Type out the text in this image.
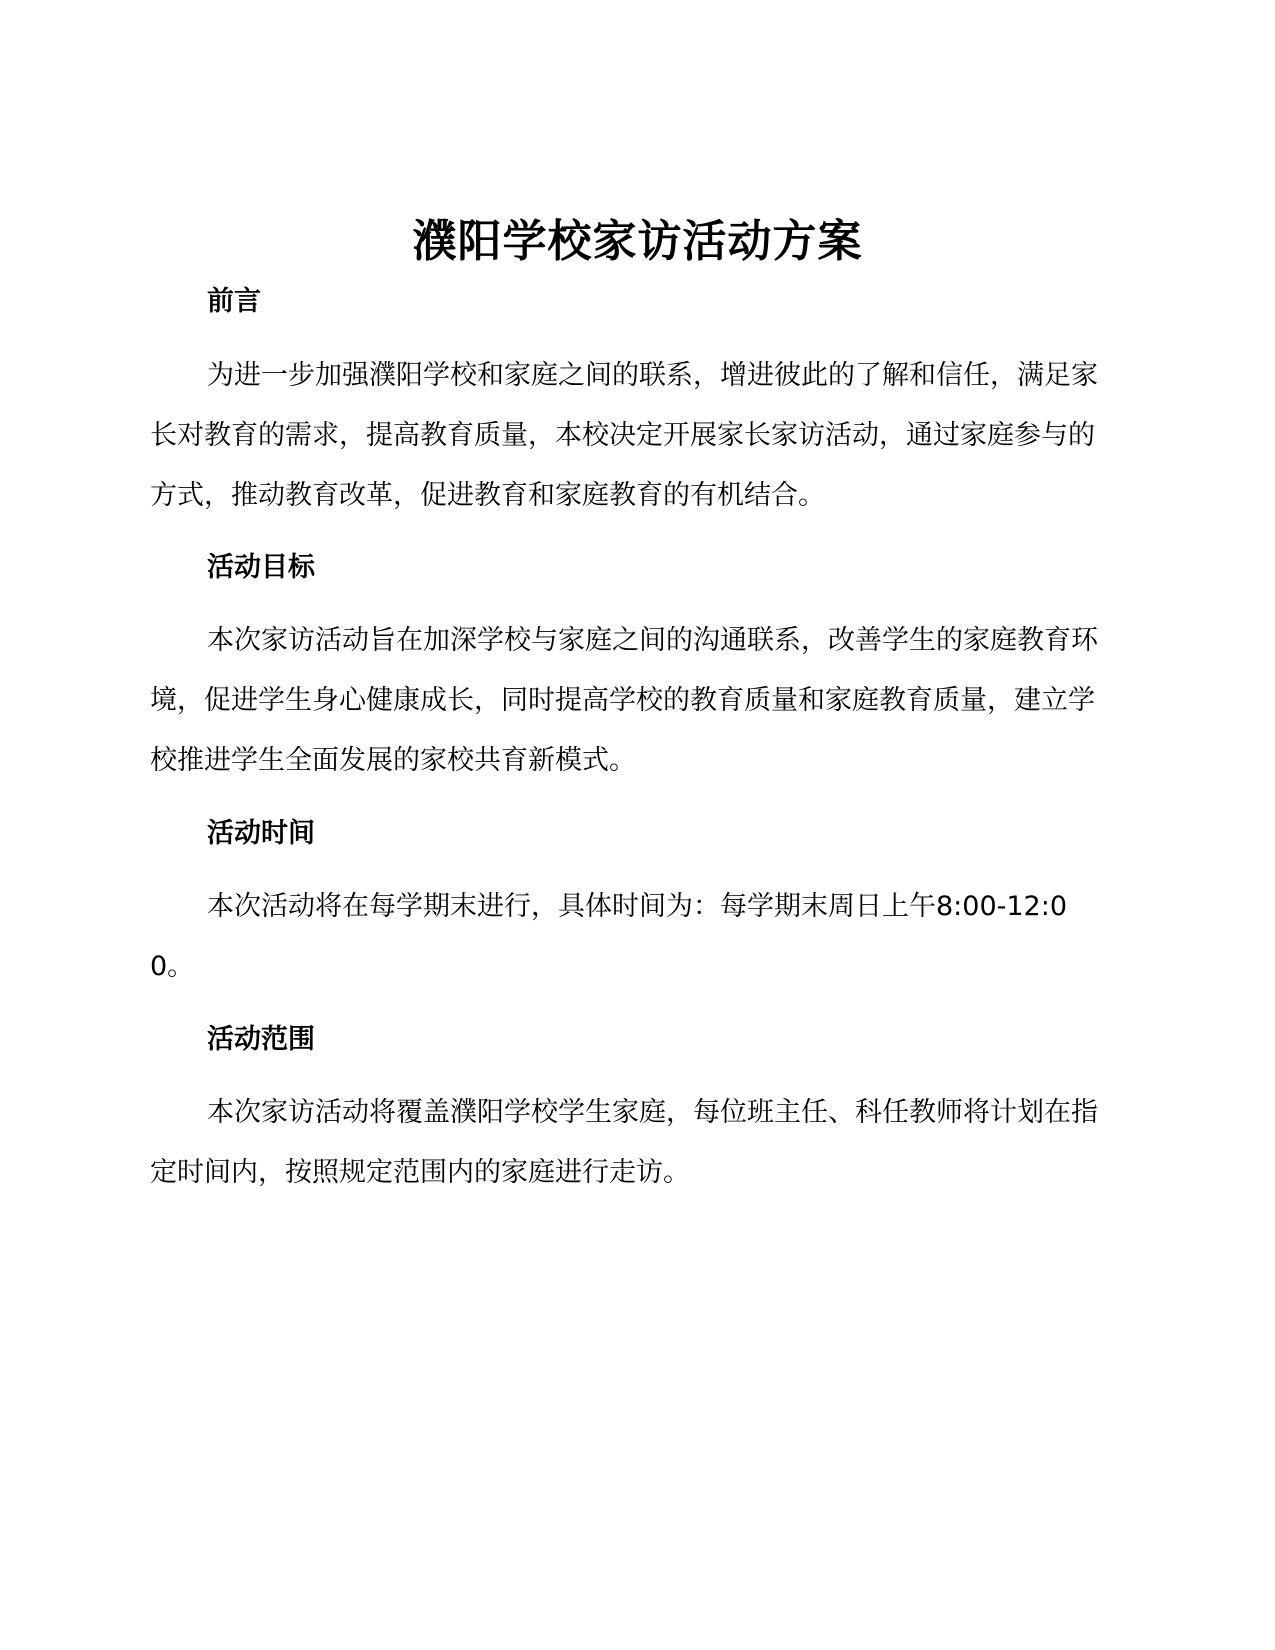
濮阳学校家访活动方案
前言

为进一步加强濮阳学校和家庭之间的联系，增进彼此的了解和信任，满足家长对教育的需求，提高教育质量，本校决定开展家长家访活动，通过家庭参与的方式，推动教育改革，促进教育和家庭教育的有机结合。

活动目标

本次家访活动旨在加深学校与家庭之间的沟通联系，改善学生的家庭教育环境，促进学生身心健康成长，同时提高学校的教育质量和家庭教育质量，建立学校推进学生全面发展的家校共育新模式。

活动时间

本次活动将在每学期末进行，具体时间为：每学期末周日上午8:00-12:00。

活动范围

本次家访活动将覆盖濮阳学校学生家庭，每位班主任、科任教师将计划在指定时间内，按照规定范围内的家庭进行走访。
